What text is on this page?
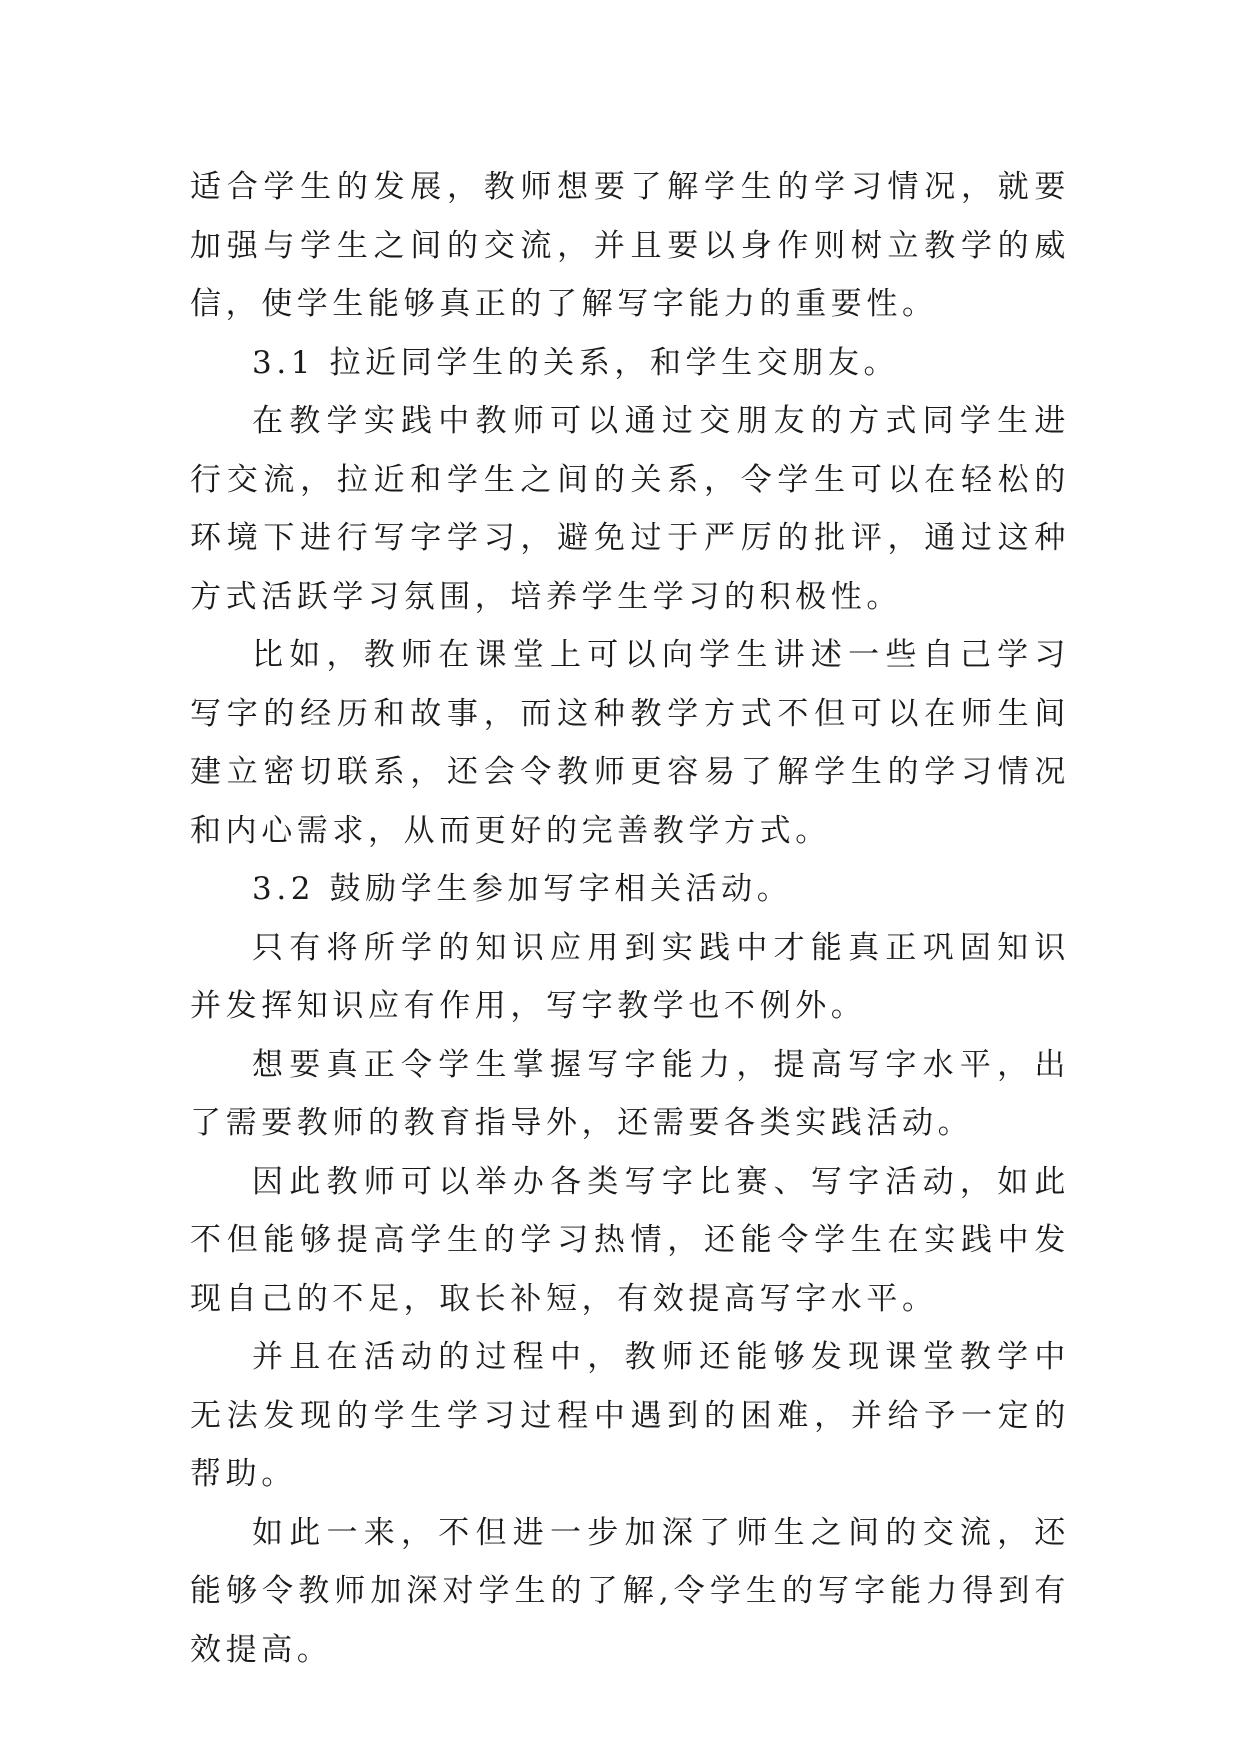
适合学生的发展，教师想要了解学生的学习情况，就要加强与学生之间的交流，并且要以身作则树立教学的威信，使学生能够真正的了解写字能力的重要性。

3.1 拉近同学生的关系，和学生交朋友。

在教学实践中教师可以通过交朋友的方式同学生进行交流，拉近和学生之间的关系，令学生可以在轻松的环境下进行写字学习，避免过于严厉的批评，通过这种方式活跃学习氛围，培养学生学习的积极性。

比如，教师在课堂上可以向学生讲述一些自己学习写字的经历和故事，而这种教学方式不但可以在师生间建立密切联系，还会令教师更容易了解学生的学习情况和内心需求，从而更好的完善教学方式。

3.2 鼓励学生参加写字相关活动。

只有将所学的知识应用到实践中才能真正巩固知识并发挥知识应有作用，写字教学也不例外。

想要真正令学生掌握写字能力，提高写字水平，出了需要教师的教育指导外，还需要各类实践活动。

因此教师可以举办各类写字比赛、写字活动，如此不但能够提高学生的学习热情，还能令学生在实践中发现自己的不足，取长补短，有效提高写字水平。

并且在活动的过程中，教师还能够发现课堂教学中无法发现的学生学习过程中遇到的困难，并给予一定的帮助。

如此一来，不但进一步加深了师生之间的交流，还能够令教师加深对学生的了解,令学生的写字能力得到有效提高。
